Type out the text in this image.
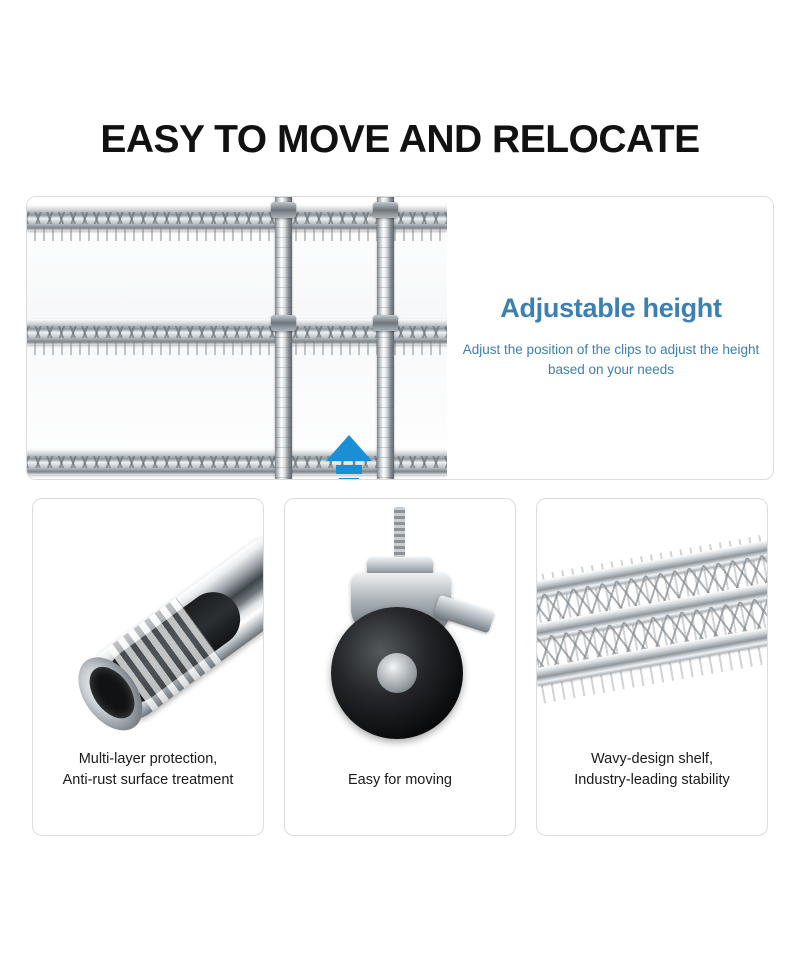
EASY TO MOVE AND RELOCATE
Adjustable height
Adjust the position of the clips to adjust the height based on your needs
Multi-layer protection,
Anti-rust surface treatment	Easy for moving
Wavy-design shelf,
Industry-leading stability
